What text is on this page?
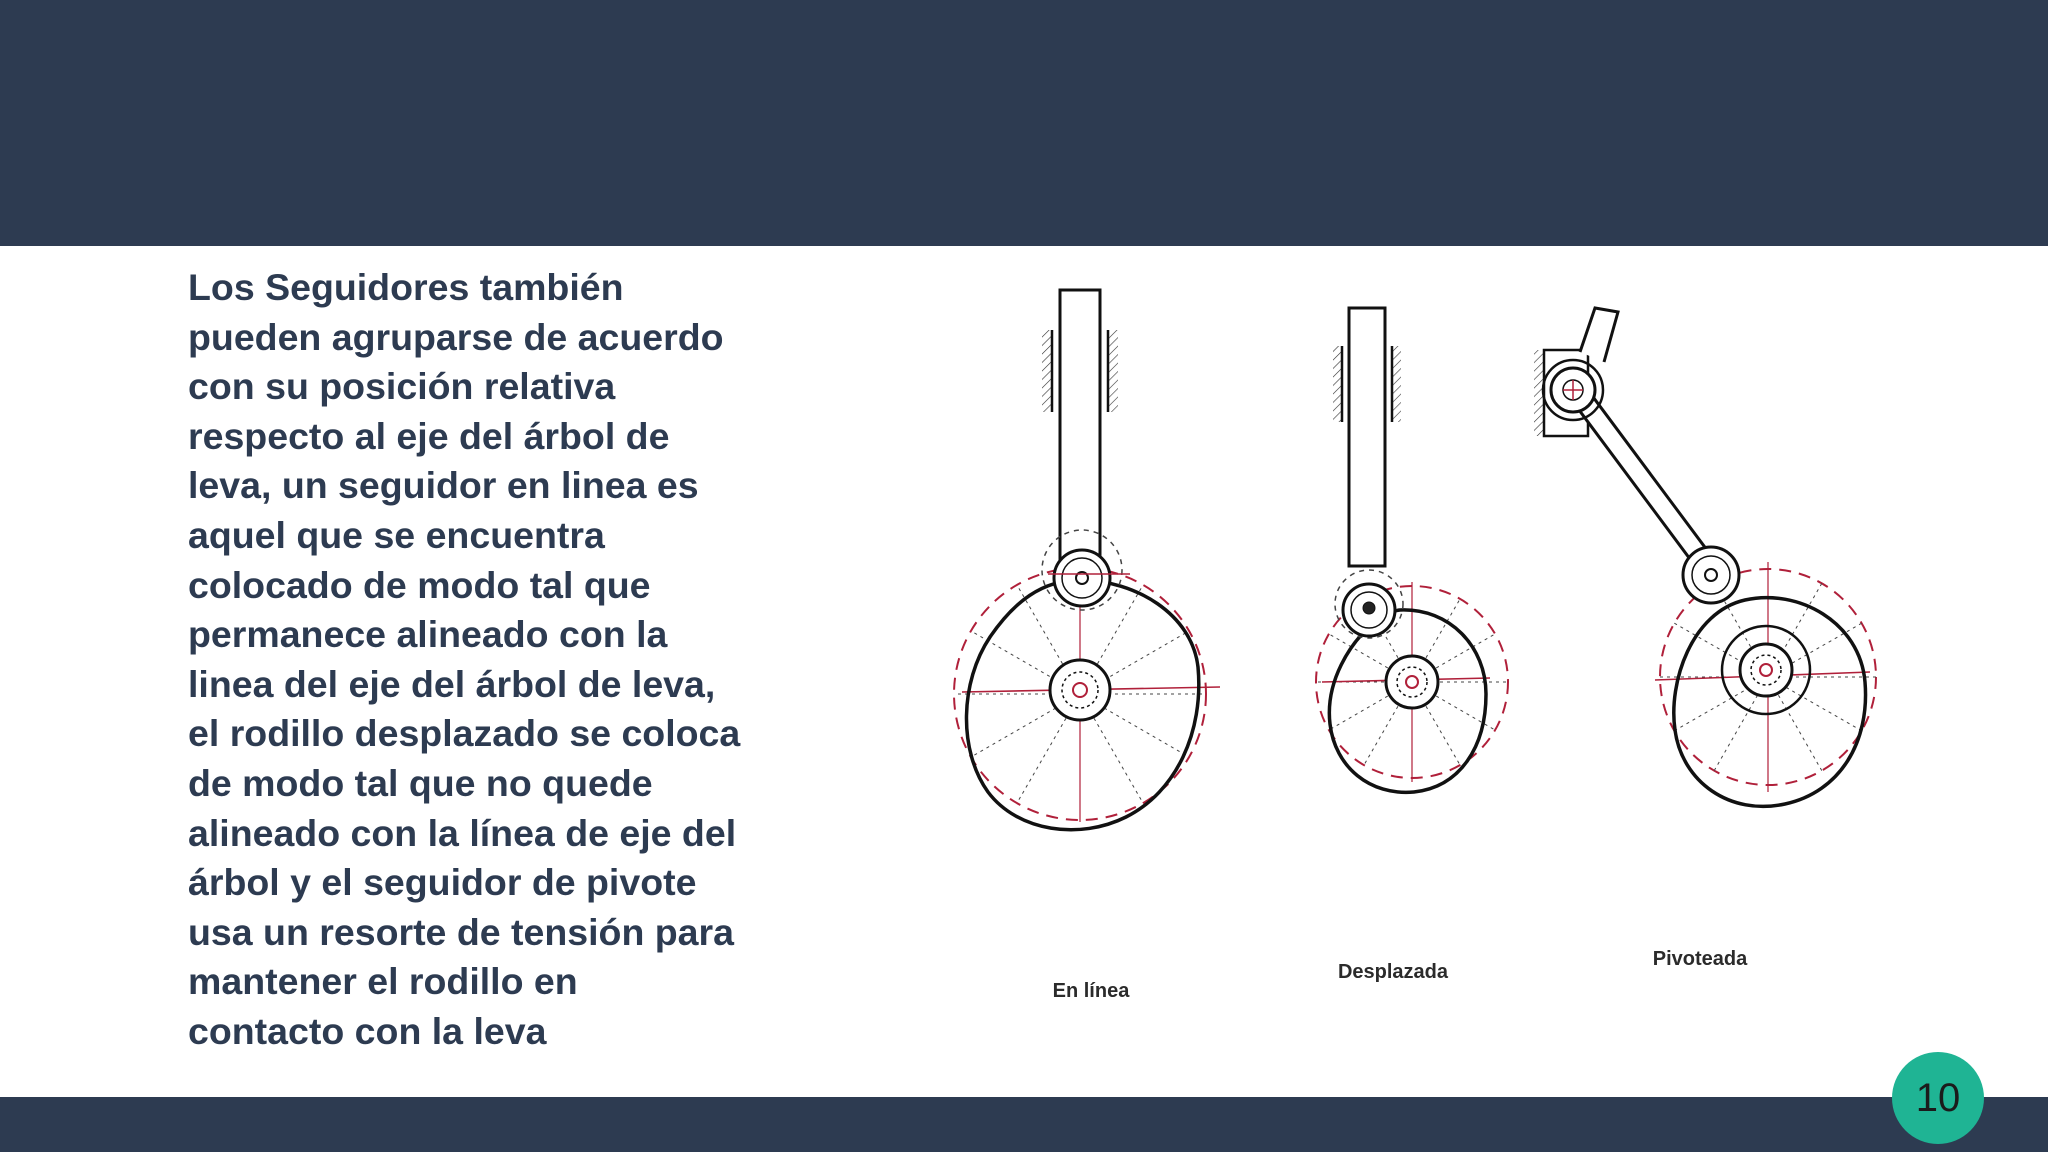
Los Seguidores también
pueden agruparse de acuerdo
con su posición relativa
respecto al eje del árbol de
leva, un seguidor en linea es
aquel que se encuentra
colocado de modo tal que
permanece alineado con la
linea del eje del árbol de leva,
el rodillo desplazado se coloca
de modo tal que no quede
alineado con la línea de eje del
árbol y el seguidor de pivote
usa un resorte de tensión para
mantener el rodillo en
contacto con la leva
En línea
Desplazada
Pivoteada
10
